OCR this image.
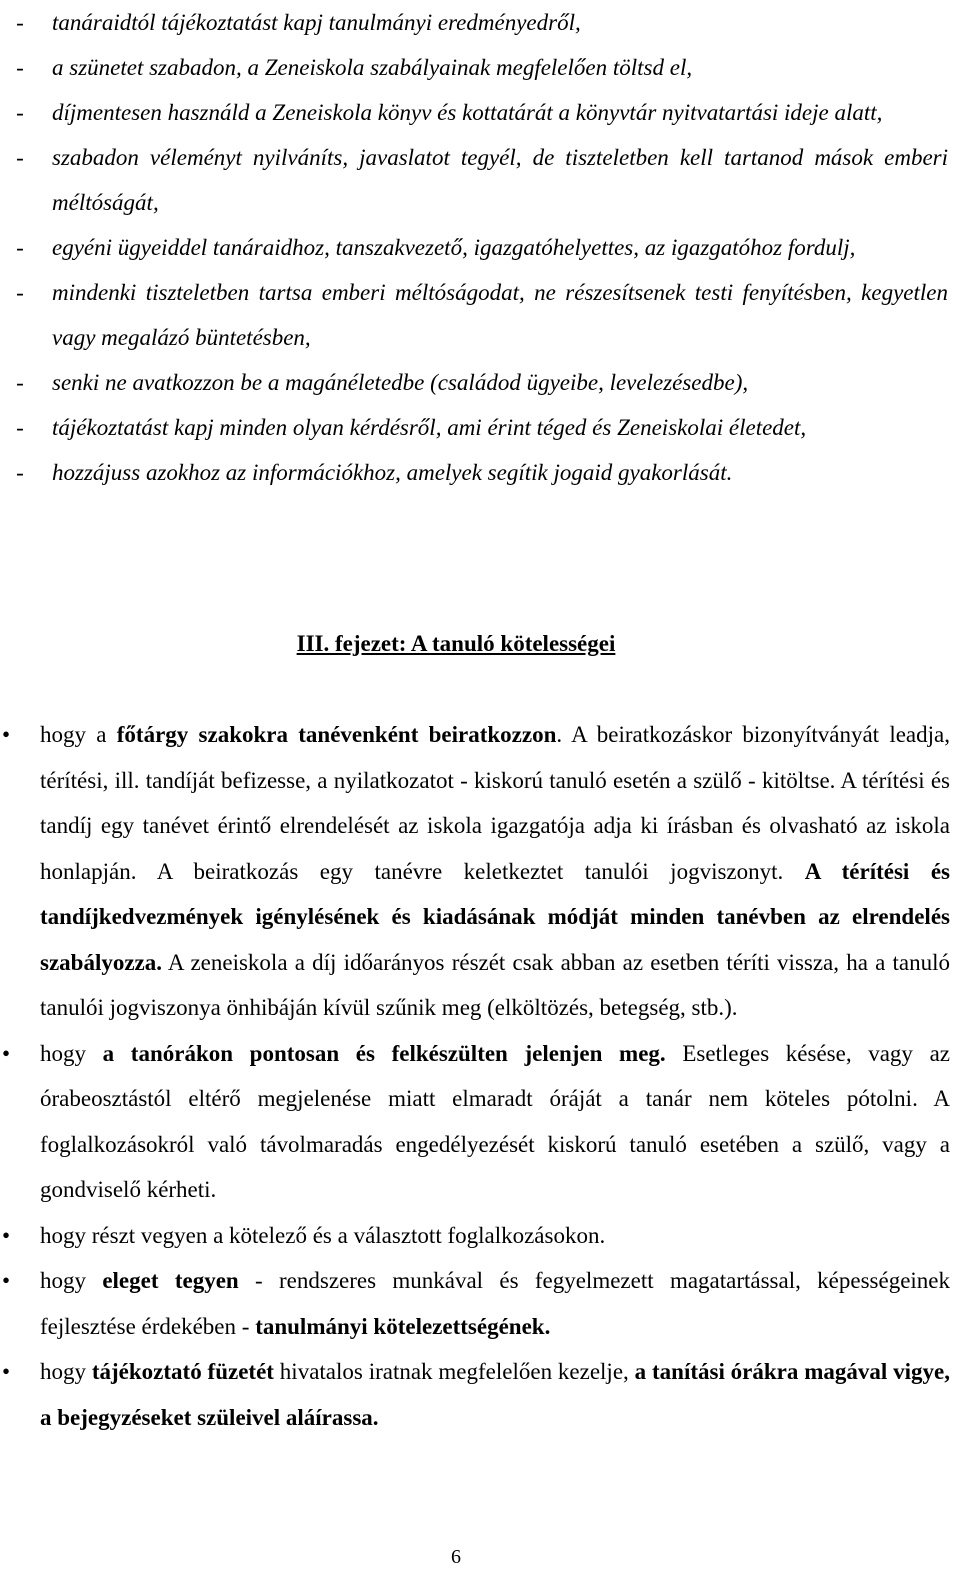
-	tanáraidtól tájékoztatást kapj tanulmányi eredményedről,
-	a szünetet szabadon, a Zeneiskola szabályainak megfelelően töltsd el,
-	díjmentesen használd a Zeneiskola könyv és kottatárát a könyvtár nyitvatartási ideje alatt,
-	szabadon véleményt nyilváníts, javaslatot tegyél, de tiszteletben kell tartanod mások emberi méltóságát,
-	egyéni ügyeiddel tanáraidhoz, tanszakvezető, igazgatóhelyettes, az igazgatóhoz fordulj,
-	mindenki tiszteletben tartsa emberi méltóságodat, ne részesítsenek testi fenyítésben, kegyetlen vagy megalázó büntetésben,
-	senki ne avatkozzon be a magánéletedbe (családod ügyeibe, levelezésedbe),
-	tájékoztatást kapj minden olyan kérdésről, ami érint téged és Zeneiskolai életedet,
-	hozzájuss azokhoz az információkhoz, amelyek segítik jogaid gyakorlását.
III. fejezet: A tanuló kötelességei
• hogy a főtárgy szakokra tanévenként beiratkozzon. A beiratkozáskor bizonyítványát leadja, térítési, ill. tandíját befizesse, a nyilatkozatot - kiskorú tanuló esetén a szülő - kitöltse. A térítési és tandíj egy tanévet érintő elrendelését az iskola igazgatója adja ki írásban és olvasható az iskola honlapján. A beiratkozás egy tanévre keletkeztet tanulói jogviszonyt. A térítési és tandíjkedvezmények igénylésének és kiadásának módját minden tanévben az elrendelés szabályozza. A zeneiskola a díj időarányos részét csak abban az esetben téríti vissza, ha a tanuló tanulói jogviszonya önhibáján kívül szűnik meg (elköltözés, betegség, stb.).
• hogy a tanórákon pontosan és felkészülten jelenjen meg. Esetleges késése, vagy az órabeosztástól eltérő megjelenése miatt elmaradt óráját a tanár nem köteles pótolni. A foglalkozásokról való távolmaradás engedélyezését kiskorú tanuló esetében a szülő, vagy a gondviselő kérheti.
• hogy részt vegyen a kötelező és a választott foglalkozásokon.
• hogy eleget tegyen - rendszeres munkával és fegyelmezett magatartással, képességeinek fejlesztése érdekében - tanulmányi kötelezettségének.
• hogy tájékoztató füzetét hivatalos iratnak megfelelően kezelje, a tanítási órákra magával vigye, a bejegyzéseket szüleivel aláírassa.
6
